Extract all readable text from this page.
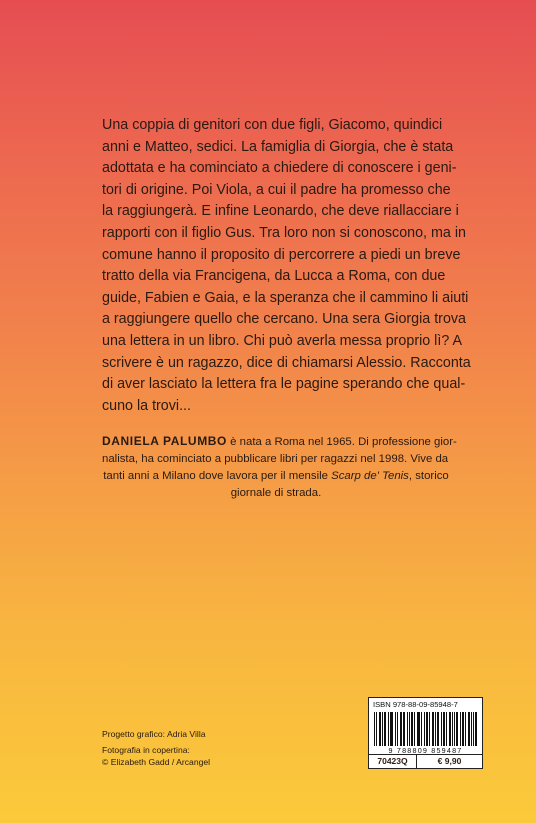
Una coppia di genitori con due figli, Giacomo, quindici
anni e Matteo, sedici. La famiglia di Giorgia, che è stata
adottata e ha cominciato a chiedere di conoscere i geni-
tori di origine. Poi Viola, a cui il padre ha promesso che
la raggiungerà. E infine Leonardo, che deve riallacciare i
rapporti con il figlio Gus. Tra loro non si conoscono, ma in
comune hanno il proposito di percorrere a piedi un breve
tratto della via Francigena, da Lucca a Roma, con due
guide, Fabien e Gaia, e la speranza che il cammino li aiuti
a raggiungere quello che cercano. Una sera Giorgia trova
una lettera in un libro. Chi può averla messa proprio lì? A
scrivere è un ragazzo, dice di chiamarsi Alessio. Racconta
di aver lasciato la lettera fra le pagine sperando che qual-
cuno la trovi...

DANIELA PALUMBO è nata a Roma nel 1965. Di professione gior-
nalista, ha cominciato a pubblicare libri per ragazzi nel 1998. Vive da
tanti anni a Milano dove lavora per il mensile Scarp de' Tenis, storico
giornale di strada.

Progetto grafico: Adria Villa
Fotografia in copertina:
© Elizabeth Gadd / Arcangel
ISBN 978-88-09-85948-7
9 788809 859487
70423Q	€ 9,90
